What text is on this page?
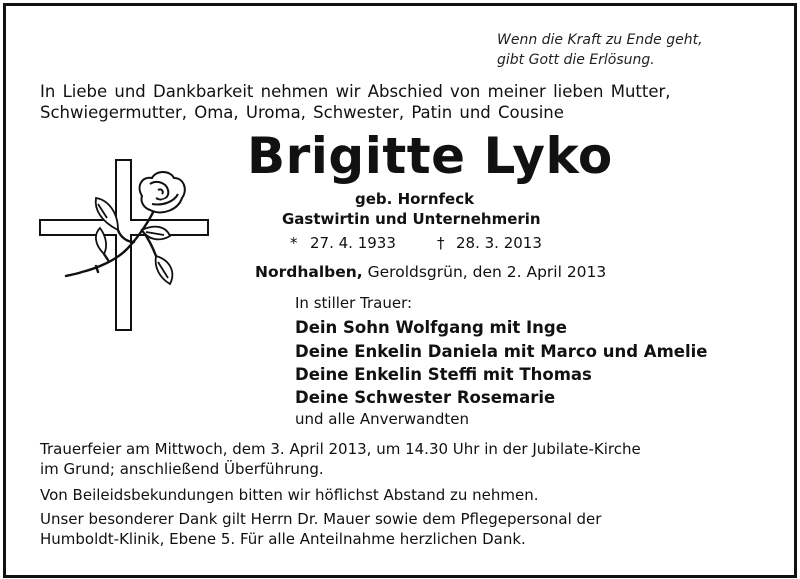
Wenn die Kraft zu Ende geht,
gibt Gott die Erlösung.
In Liebe und Dankbarkeit nehmen wir Abschied von meiner lieben Mutter,
Schwiegermutter, Oma, Uroma, Schwester, Patin und Cousine
Brigitte Lyko
geb. Hornfeck
Gastwirtin und Unternehmerin
* 27. 4. 1933	† 28. 3. 2013
Nordhalben, Geroldsgrün, den 2. April 2013
In stiller Trauer:
Dein Sohn Wolfgang mit Inge
Deine Enkelin Daniela mit Marco und Amelie
Deine Enkelin Steffi mit Thomas
Deine Schwester Rosemarie
und alle Anverwandten
Trauerfeier am Mittwoch, dem 3. April 2013, um 14.30 Uhr in der Jubilate-Kirche
im Grund; anschließend Überführung.
Von Beileidsbekundungen bitten wir höflichst Abstand zu nehmen.
Unser besonderer Dank gilt Herrn Dr. Mauer sowie dem Pflegepersonal der
Humboldt-Klinik, Ebene 5. Für alle Anteilnahme herzlichen Dank.
